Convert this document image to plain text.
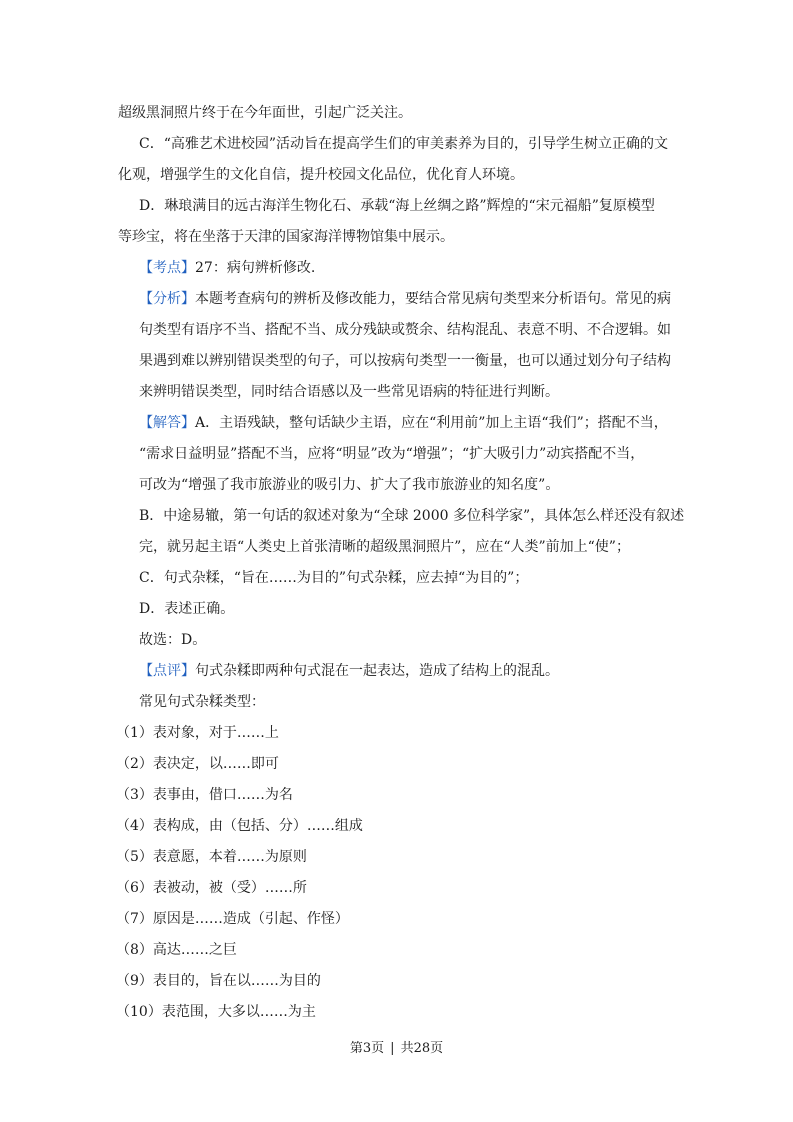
超级黑洞照片终于在今年面世，引起广泛关注。
C．“高雅艺术进校园”活动旨在提高学生们的审美素养为目的，引导学生树立正确的文
化观，增强学生的文化自信，提升校园文化品位，优化育人环境。
D．琳琅满目的远古海洋生物化石、承载“海上丝绸之路”辉煌的“宋元福船”复原模型
等珍宝，将在坐落于天津的国家海洋博物馆集中展示。
【考点】27：病句辨析修改.
【分析】本题考查病句的辨析及修改能力，要结合常见病句类型来分析语句。常见的病
句类型有语序不当、搭配不当、成分残缺或赘余、结构混乱、表意不明、不合逻辑。如
果遇到难以辨别错误类型的句子，可以按病句类型一一衡量，也可以通过划分句子结构
来辨明错误类型，同时结合语感以及一些常见语病的特征进行判断。
【解答】A．主语残缺，整句话缺少主语，应在“利用前”加上主语“我们”；搭配不当，
“需求日益明显”搭配不当，应将“明显”改为“增强”；“扩大吸引力”动宾搭配不当，
可改为“增强了我市旅游业的吸引力、扩大了我市旅游业的知名度”。
B．中途易辙，第一句话的叙述对象为“全球 2000 多位科学家”，具体怎么样还没有叙述
完，就另起主语“人类史上首张清晰的超级黑洞照片”，应在“人类”前加上“使”；
C．句式杂糅，“旨在……为目的”句式杂糅，应去掉“为目的”；
D．表述正确。
故选：D。
【点评】句式杂糅即两种句式混在一起表达，造成了结构上的混乱。
常见句式杂糅类型：
（1）表对象，对于……上
（2）表决定，以……即可
（3）表事由，借口……为名
（4）表构成，由（包括、分）……组成
（5）表意愿，本着……为原则
（6）表被动，被（受）……所
（7）原因是……造成（引起、作怪）
（8）高达……之巨
（9）表目的，旨在以……为目的
（10）表范围，大多以……为主
第3页 | 共28页
